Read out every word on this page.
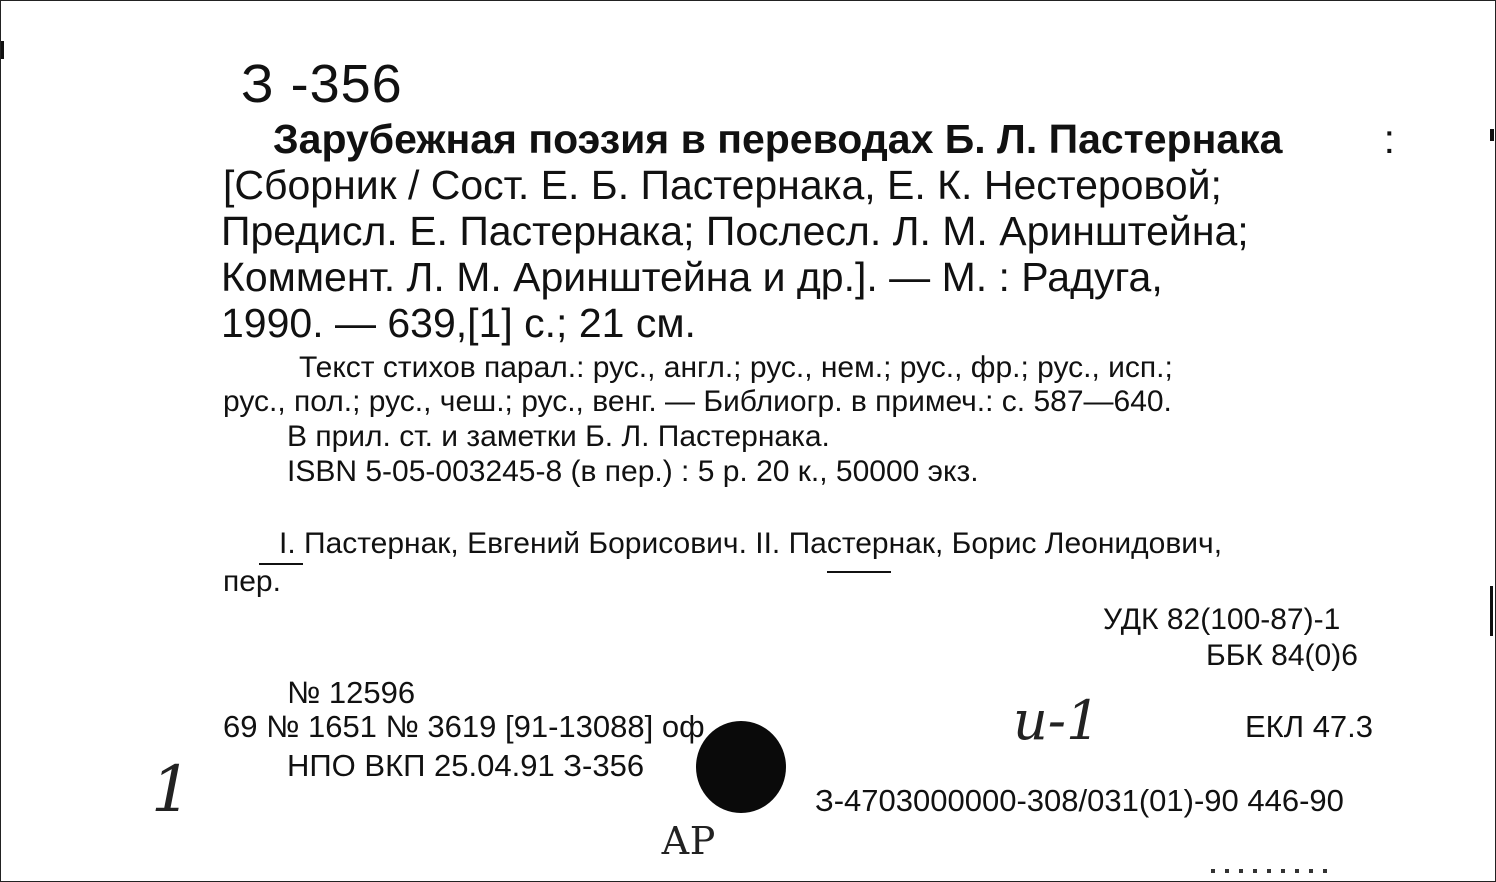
З -356
Зарубежная поэзия в переводах Б. Л. Пастернака :
[Сборник / Сост. Е. Б. Пастернака, Е. К. Нестеровой;
Предисл. Е. Пастернака; Послесл. Л. М. Аринштейна;
Коммент. Л. М. Аринштейна и др.]. — М. : Радуга,
1990. — 639,[1] с.; 21 см.
Текст стихов парал.: рус., англ.; рус., нем.; рус., фр.; рус., исп.;
рус., пол.; рус., чеш.; рус., венг. — Библиогр. в примеч.: с. 587—640.
В прил. ст. и заметки Б. Л. Пастернака.
ISBN 5-05-003245-8 (в пер.) : 5 р. 20 к., 50000 экз.
I. Пастернак, Евгений Борисович. II. Пастернак, Борис Леонидович,
пер.
УДК 82(100-87)-1
ББК 84(0)6
№ 12596
69 № 1651 № 3619 [91-13088] оф
НПО ВКП 25.04.91 З-356
ЕКЛ 47.3
З-4703000000-308/031(01)-90 446-90
1
и-1
АР
